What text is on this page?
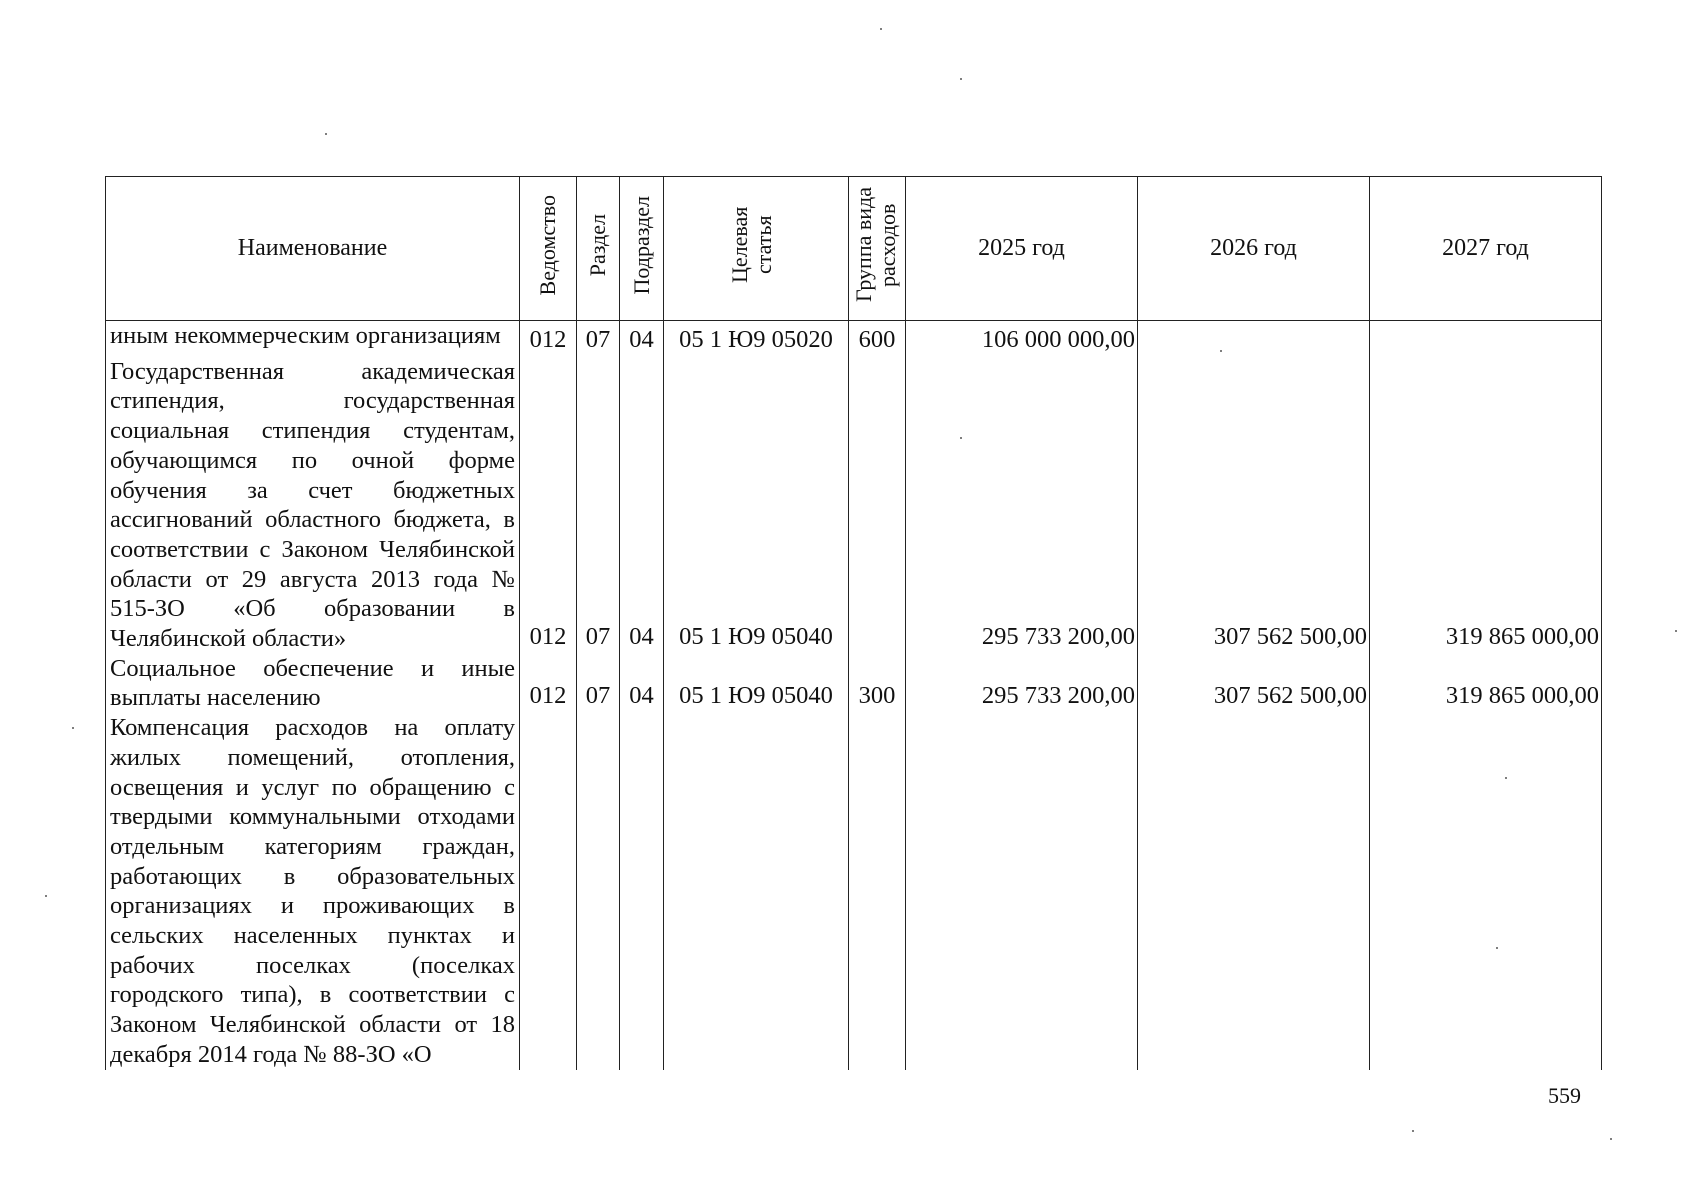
Наименование	Ведомство	Раздел	Подраздел	Целевая статья	Группа вида расходов	2025 год	2026 год	2027 год
иным некоммерческим организациям	012	07	04	05 1 Ю9 05020	600	106 000 000,00		
Государственная академическая стипендия, государственная социальная стипендия студентам, обучающимся по очной форме обучения за счет бюджетных ассигнований областного бюджета, в соответствии с Законом Челябинской области от 29 августа 2013 года № 515-ЗО «Об образовании в Челябинской области»	012	07	04	05 1 Ю9 05040		295 733 200,00	307 562 500,00	319 865 000,00
Социальное обеспечение и иные выплаты населению	012	07	04	05 1 Ю9 05040	300	295 733 200,00	307 562 500,00	319 865 000,00
Компенсация расходов на оплату жилых помещений, отопления, освещения и услуг по обращению с твердыми коммунальными отходами отдельным категориям граждан, работающих в образовательных организациях и проживающих в сельских населенных пунктах и рабочих поселках (поселках городского типа), в соответствии с Законом Челябинской области от 18 декабря 2014 года № 88-ЗО «О								
559
